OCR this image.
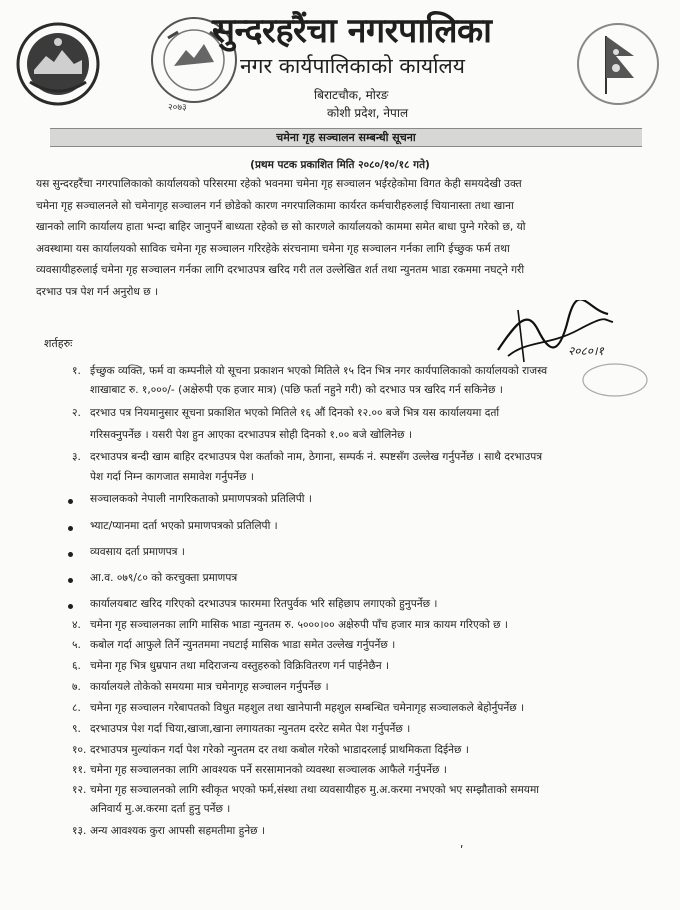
२०७३
सुन्दरहरैंचा नगरपालिका
नगर कार्यपालिकाको कार्यालय
बिराटचौक, मोरङ
कोशी प्रदेश, नेपाल
चमेना गृह सञ्चालन सम्बन्धी सूचना
(प्रथम पटक प्रकाशित मिति २०८०/१०/१८ गते)
यस सुन्दरहरैंचा नगरपालिकाको कार्यालयको परिसरमा रहेको भवनमा चमेना गृह सञ्चालन भईरहेकोमा विगत केही समयदेखी उक्त
चमेना गृह सञ्चालनले सो चमेनागृह सञ्चालन गर्न छोडेको कारण नगरपालिकामा कार्यरत कर्मचारीहरुलाई चियानास्ता तथा खाना
खानको लागि कार्यालय हाता भन्दा बाहिर जानुपर्ने बाध्यता रहेको छ सो कारणले कार्यालयको काममा समेत बाधा पुग्ने गरेको छ, यो
अवस्थामा यस कार्यालयको साविक चमेना गृह सञ्चालन गरिरहेके संरचनामा चमेना गृह सञ्चालन गर्नका लागि ईच्छुक फर्म तथा
व्यवसायीहरुलाई चमेना गृह सञ्चालन गर्नका लागि दरभाउपत्र खरिद गरी तल उल्लेखित शर्त तथा न्युनतम भाडा रकममा नघट्ने गरी
दरभाउ पत्र पेश गर्न अनुरोध छ ।
शर्तहरुः
२०८०।१
१. ईच्छुक व्यक्ति, फर्म वा कम्पनीले यो सूचना प्रकाशन भएको मितिले १५ दिन भित्र नगर कार्यपालिकाको कार्यालयको राजस्व
शाखाबाट रु. १,०००/- (अक्षेरुपी एक हजार मात्र) (पछि फर्ता नहुने गरी) को दरभाउ पत्र खरिद गर्न सकिनेछ ।
२. दरभाउ पत्र नियमानुसार सूचना प्रकाशित भएको मितिले १६ औं दिनको १२.०० बजे भित्र यस कार्यालयमा दर्ता
गरिसक्नुपर्नेछ । यसरी पेश हुन आएका दरभाउपत्र सोही दिनको १.०० बजे खोलिनेछ ।
३. दरभाउपत्र बन्दी खाम बाहिर दरभाउपत्र पेश कर्ताको नाम, ठेगाना, सम्पर्क नं. स्पष्टसँग उल्लेख गर्नुपर्नेछ । साथै दरभाउपत्र
पेश गर्दा निम्न कागजात समावेश गर्नुपर्नेछ ।
सञ्चालकको नेपाली नागरिकताको प्रमाणपत्रको प्रतिलिपी ।
भ्याट/प्यानमा दर्ता भएको प्रमाणपत्रको प्रतिलिपी ।
व्यवसाय दर्ता प्रमाणपत्र ।
आ.व. ०७९/८० को करचुक्ता प्रमाणपत्र
कार्यालयबाट खरिद गरिएको दरभाउपत्र फारममा रितपुर्वक भरि सहिछाप लगाएको हुनुपर्नेछ ।
४. चमेना गृह सञ्चालनका लागि मासिक भाडा न्युनतम रु. ५०००।०० अक्षेरुपी पाँच हजार मात्र कायम गरिएको छ ।
५. कबोल गर्दा आफुले तिर्ने न्युनतममा नघटाई मासिक भाडा समेत उल्लेख गर्नुपर्नेछ ।
६. चमेना गृह भित्र धुम्रपान तथा मदिराजन्य वस्तुहरुको विक्रिवितरण गर्न पाईनेछैन ।
७. कार्यालयले तोकेको समयमा मात्र चमेनागृह सञ्चालन गर्नुपर्नेछ ।
८. चमेना गृह सञ्चालन गरेबापतको विधुत महशुल तथा खानेपानी महशुल सम्बन्धित चमेनागृह सञ्चालकले बेहोर्नुपर्नेछ ।
९. दरभाउपत्र पेश गर्दा चिया,खाजा,खाना लगायतका न्युनतम दररेट समेत पेश गर्नुपर्नेछ ।
१०. दरभाउपत्र मुल्यांकन गर्दा पेश गरेको न्युनतम दर तथा कबोल गरेको भाडादरलाई प्राथमिकता दिईनेछ ।
११. चमेना गृह सञ्चालनका लागि आवश्यक पर्ने सरसामानको व्यवस्था सञ्चालक आफैले गर्नुपर्नेछ ।
१२. चमेना गृह सञ्चालनको लागि स्वीकृत भएको फर्म,संस्था तथा व्यवसायीहरु मु.अ.करमा नभएको भए सम्झौताको समयमा
अनिवार्य मु.अ.करमा दर्ता हुनु पर्नेछ ।
१३. अन्य आवश्यक कुरा आपसी सहमतीमा हुनेछ ।
ʹ
